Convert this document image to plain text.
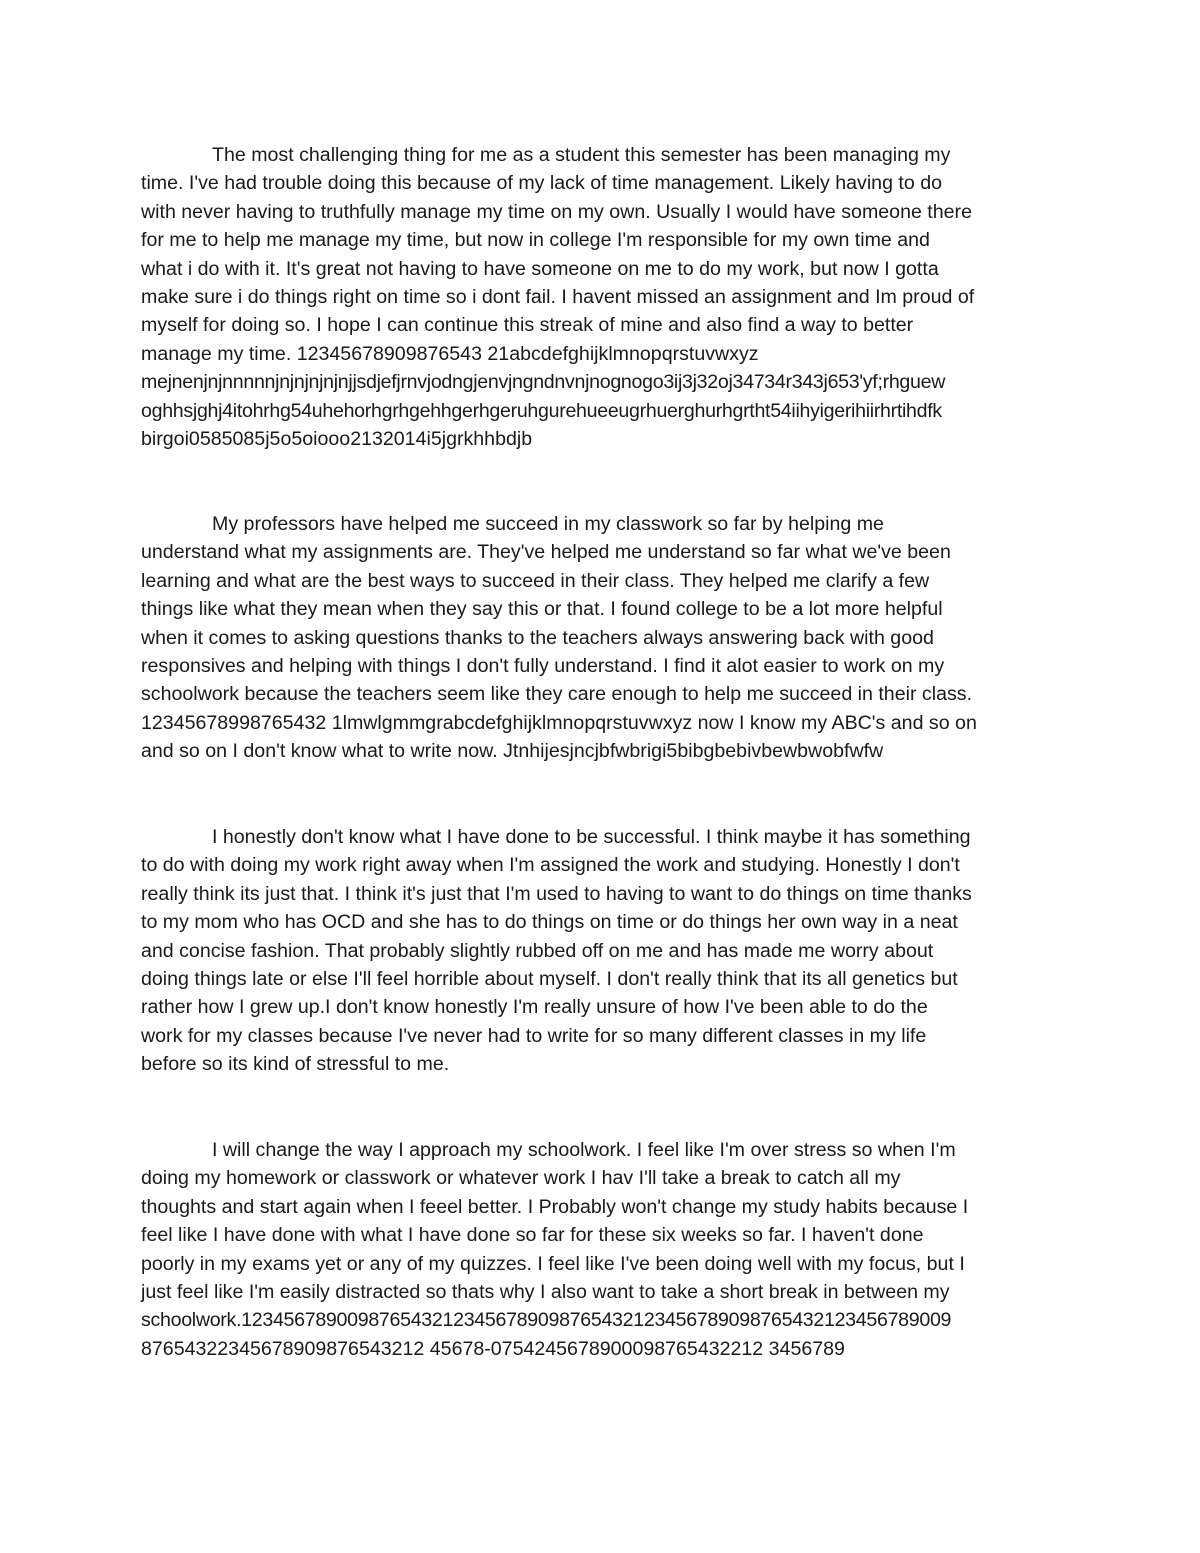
The most challenging thing for me as a student this semester has been managing my
time. I've had trouble doing this because of my lack of time management. Likely having to do
with never having to truthfully manage my time on my own. Usually I would have someone there
for me to help me manage my time, but now in college I'm responsible for my own time and
what i do with it. It's great not having to have someone on me to do my work, but now I gotta
make sure i do things right on time so i dont fail. I havent missed an assignment and Im proud of
myself for doing so. I hope I can continue this streak of mine and also find a way to better
manage my time. 12345678909876543 21abcdefghijklmnopqrstuvwxyz
mejnenjnjnnnnnjnjnjnjnjnjjsdjefjrnvjodngjenvjngndnvnjnognogo3ij3j32oj34734r343j653'yf;rhguew
oghhsjghj4itohrhg54uhehorhgrhgehhgerhgeruhgurehueeugrhuerghurhgrtht54iihyigerihiirhrtihdfk
birgoi0585085j5o5oiooo2132014i5jgrkhhbdjb
My professors have helped me succeed in my classwork so far by helping me
understand what my assignments are. They've helped me understand so far what we've been
learning and what are the best ways to succeed in their class. They helped me clarify a few
things like what they mean when they say this or that. I found college to be a lot more helpful
when it comes to asking questions thanks to the teachers always answering back with good
responsives and helping with things I don't fully understand. I find it alot easier to work on my
schoolwork because the teachers seem like they care enough to help me succeed in their class.
12345678998765432 1lmwlgmmgrabcdefghijklmnopqrstuvwxyz now I know my ABC's and so on
and so on I don't know what to write now. Jtnhijesjncjbfwbrigi5bibgbebivbewbwobfwfw
I honestly don't know what I have done to be successful. I think maybe it has something
to do with doing my work right away when I'm assigned the work and studying. Honestly I don't
really think its just that. I think it's just that I'm used to having to want to do things on time thanks
to my mom who has OCD and she has to do things on time or do things her own way in a neat
and concise fashion. That probably slightly rubbed off on me and has made me worry about
doing things late or else I'll feel horrible about myself. I don't really think that its all genetics but
rather how I grew up.I don't know honestly I'm really unsure of how I've been able to do the
work for my classes because I've never had to write for so many different classes in my life
before so its kind of stressful to me.
I will change the way I approach my schoolwork. I feel like I'm over stress so when I'm
doing my homework or classwork or whatever work I hav I'll take a break to catch all my
thoughts and start again when I feeel better. I Probably won't change my study habits because I
feel like I have done with what I have done so far for these six weeks so far. I haven't done
poorly in my exams yet or any of my quizzes. I feel like I've been doing well with my focus, but I
just feel like I'm easily distracted so thats why I also want to take a short break in between my
schoolwork.1234567890098765432123456789098765432123456789098765432123456789009
87654322345678909876543212 45678-0754245678900098765432212 3456789
